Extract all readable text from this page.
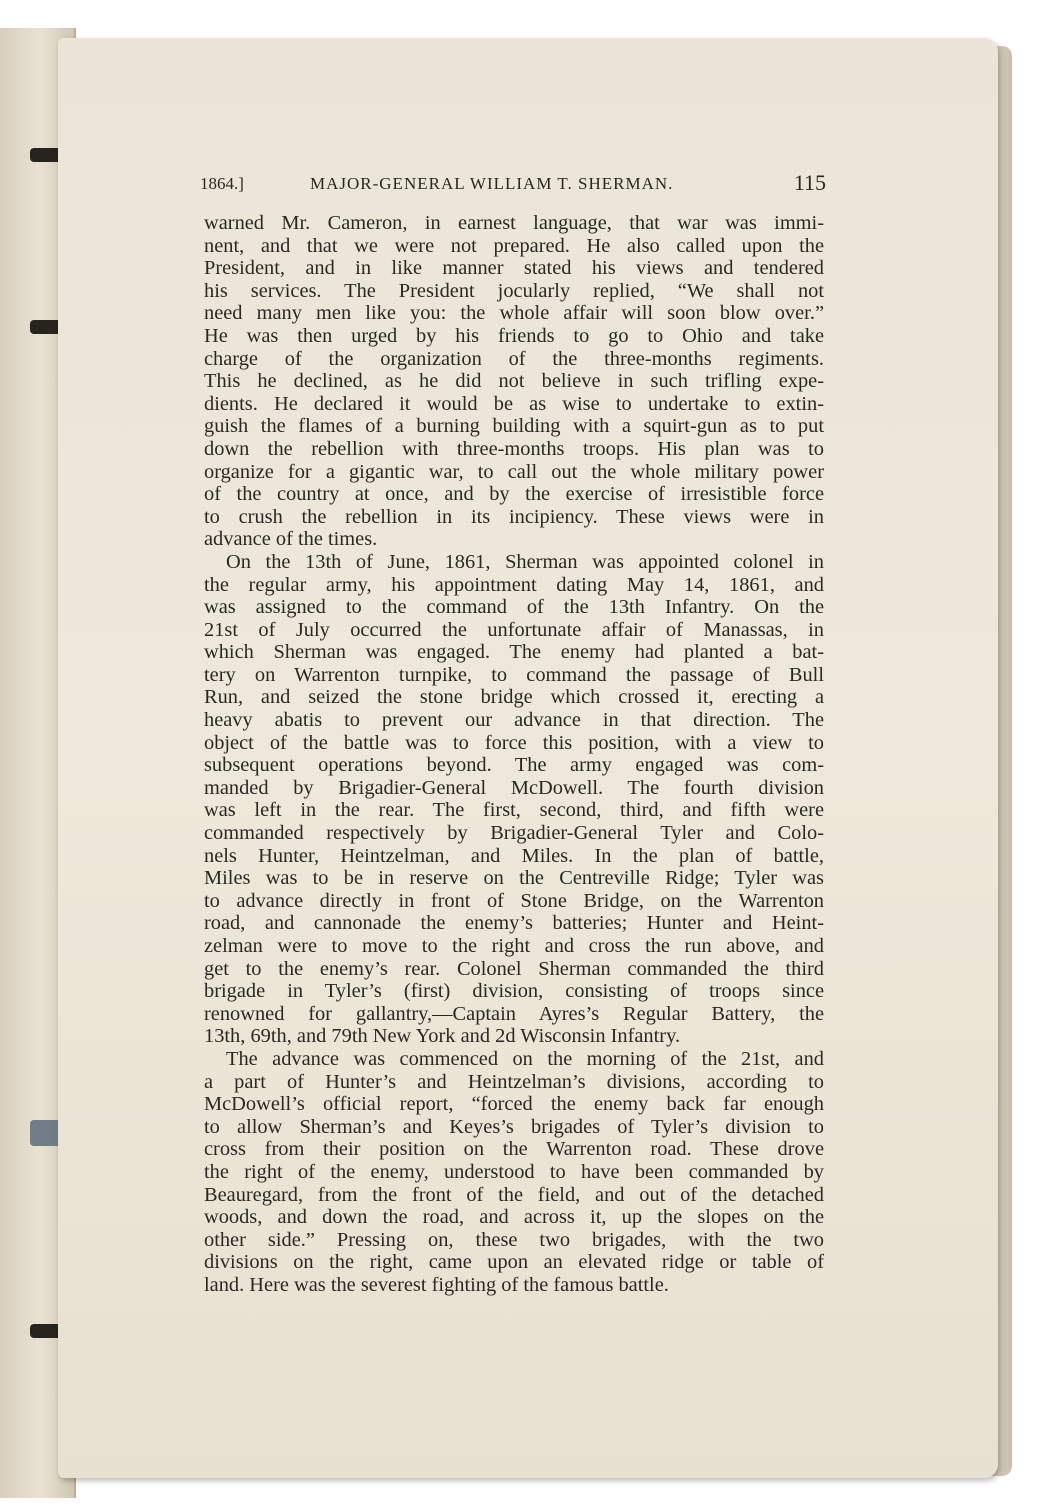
1864.]	MAJOR-GENERAL WILLIAM T. SHERMAN.	115
warned Mr. Cameron, in earnest language, that war was immi-
nent, and that we were not prepared. He also called upon the
President, and in like manner stated his views and tendered
his services. The President jocularly replied, “We shall not
need many men like you: the whole affair will soon blow over.”
He was then urged by his friends to go to Ohio and take
charge of the organization of the three-months regiments.
This he declined, as he did not believe in such trifling expe-
dients. He declared it would be as wise to undertake to extin-
guish the flames of a burning building with a squirt-gun as to put
down the rebellion with three-months troops. His plan was to
organize for a gigantic war, to call out the whole military power
of the country at once, and by the exercise of irresistible force
to crush the rebellion in its incipiency. These views were in
advance of the times.
On the 13th of June, 1861, Sherman was appointed colonel in
the regular army, his appointment dating May 14, 1861, and
was assigned to the command of the 13th Infantry. On the
21st of July occurred the unfortunate affair of Manassas, in
which Sherman was engaged. The enemy had planted a bat-
tery on Warrenton turnpike, to command the passage of Bull
Run, and seized the stone bridge which crossed it, erecting a
heavy abatis to prevent our advance in that direction. The
object of the battle was to force this position, with a view to
subsequent operations beyond. The army engaged was com-
manded by Brigadier-General McDowell. The fourth division
was left in the rear. The first, second, third, and fifth were
commanded respectively by Brigadier-General Tyler and Colo-
nels Hunter, Heintzelman, and Miles. In the plan of battle,
Miles was to be in reserve on the Centreville Ridge; Tyler was
to advance directly in front of Stone Bridge, on the Warrenton
road, and cannonade the enemy’s batteries; Hunter and Heint-
zelman were to move to the right and cross the run above, and
get to the enemy’s rear. Colonel Sherman commanded the third
brigade in Tyler’s (first) division, consisting of troops since
renowned for gallantry,—Captain Ayres’s Regular Battery, the
13th, 69th, and 79th New York and 2d Wisconsin Infantry.
The advance was commenced on the morning of the 21st, and
a part of Hunter’s and Heintzelman’s divisions, according to
McDowell’s official report, “forced the enemy back far enough
to allow Sherman’s and Keyes’s brigades of Tyler’s division to
cross from their position on the Warrenton road. These drove
the right of the enemy, understood to have been commanded by
Beauregard, from the front of the field, and out of the detached
woods, and down the road, and across it, up the slopes on the
other side.” Pressing on, these two brigades, with the two
divisions on the right, came upon an elevated ridge or table of
land. Here was the severest fighting of the famous battle.
